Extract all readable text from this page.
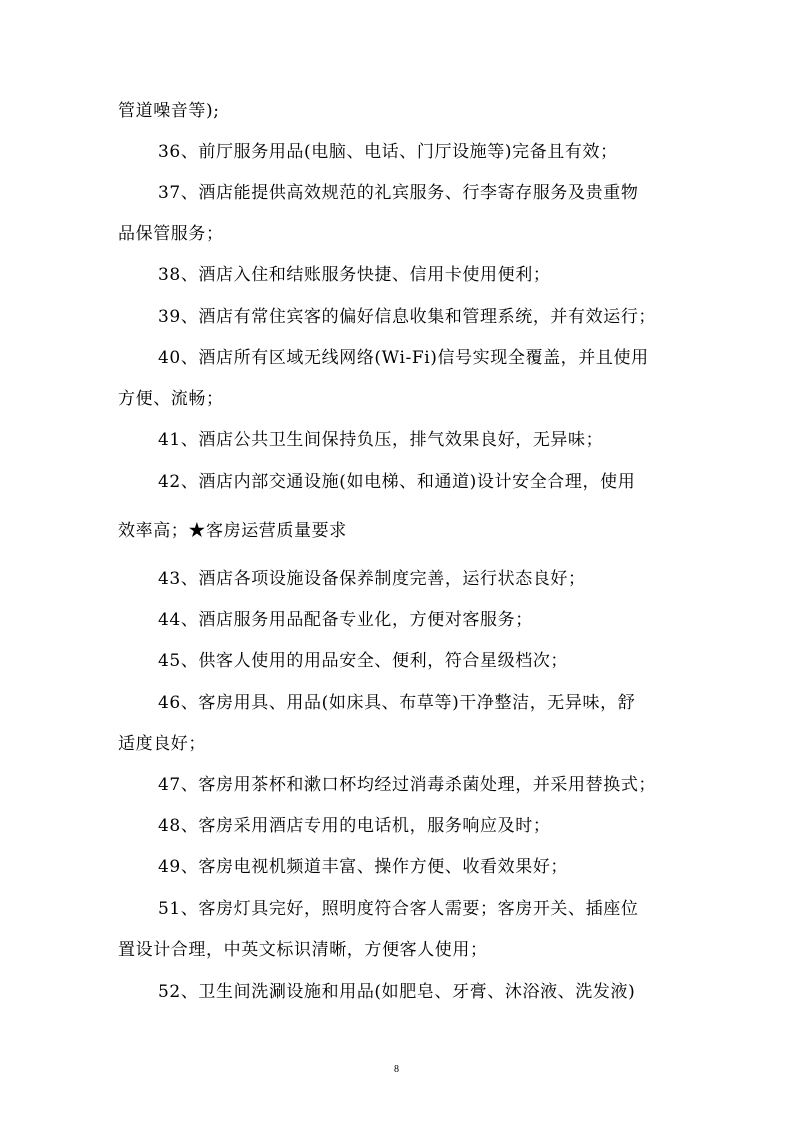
管道噪音等);
36、前厅服务用品(电脑、电话、门厅设施等)完备且有效；
37、酒店能提供高效规范的礼宾服务、行李寄存服务及贵重物
品保管服务；
38、酒店入住和结账服务快捷、信用卡使用便利；
39、酒店有常住宾客的偏好信息收集和管理系统，并有效运行；
40、酒店所有区域无线网络(Wi-Fi)信号实现全覆盖，并且使用
方便、流畅；
41、酒店公共卫生间保持负压，排气效果良好，无异味；
42、酒店内部交通设施(如电梯、和通道)设计安全合理，使用
效率高；★客房运营质量要求
43、酒店各项设施设备保养制度完善，运行状态良好；
44、酒店服务用品配备专业化，方便对客服务；
45、供客人使用的用品安全、便利，符合星级档次；
46、客房用具、用品(如床具、布草等)干净整洁，无异味，舒
适度良好；
47、客房用茶杯和漱口杯均经过消毒杀菌处理，并采用替换式；
48、客房采用酒店专用的电话机，服务响应及时；
49、客房电视机频道丰富、操作方便、收看效果好；
51、客房灯具完好，照明度符合客人需要；客房开关、插座位
置设计合理，中英文标识清晰，方便客人使用；
52、卫生间洗涮设施和用品(如肥皂、牙膏、沐浴液、洗发液)
8
